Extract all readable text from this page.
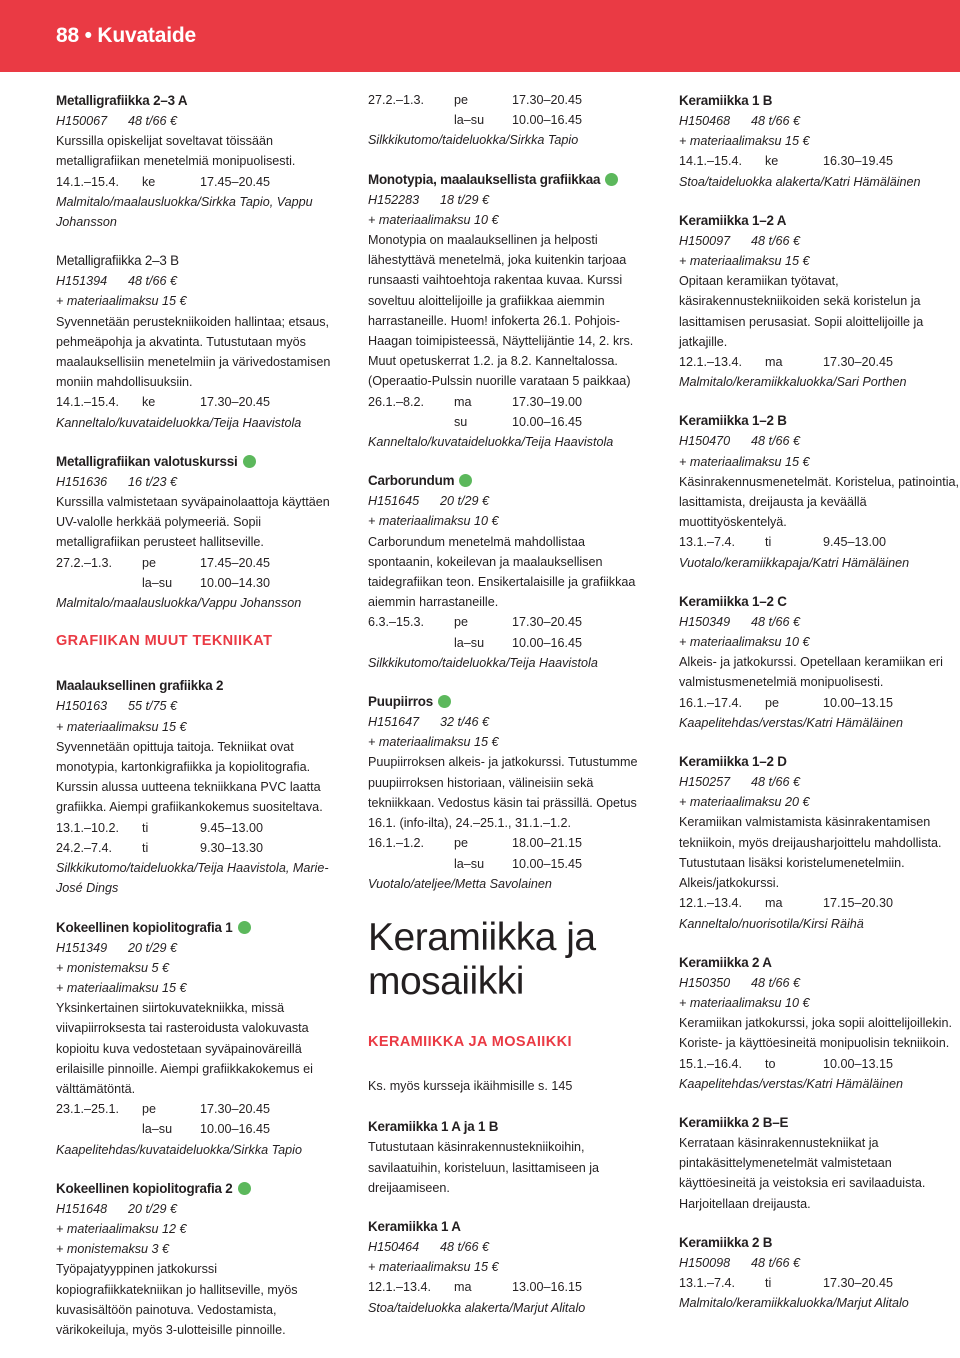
88 • Kuvataide
Metalligrafiikka 2–3 A
H150067	48 t/66 €

Kurssilla opiskelijat soveltavat töissään metalligrafiikan menetelmiä monipuolisesti.

14.1.–15.4.	ke	17.45–20.45
Malmitalo/maalausluokka/Sirkka Tapio, Vappu Johansson
Metalligrafiikka 2–3 B
H151394	48 t/66 €
+ materiaalimaksu 15 €

Syvennetään perustekniikoiden hallintaa; etsaus, pehmeäpohja ja akvatinta. Tutustutaan myös maalauksellisiin menetelmiin ja värivedostamisen moniin mahdollisuuksiin.

14.1.–15.4.	ke	17.30–20.45
Kanneltalo/kuvataideluokka/Teija Haavistola
Metalligrafiikan valotuskurssi
H151636	16 t/23 €

Kurssilla valmistetaan syväpainolaattoja käyttäen UV-valolle herkkää polymeeriä. Sopii metalligrafiikan perusteet hallitseville.

27.2.–1.3.	pe	17.45–20.45
la–su	10.00–14.30
Malmitalo/maalausluokka/Vappu Johansson
GRAFIIKAN MUUT TEKNIIKAT
Maalauksellinen grafiikka 2
H150163	55 t/75 €
+ materiaalimaksu 15 €

Syvennetään opittuja taitoja. Tekniikat ovat monotypia, kartonkigrafiikka ja kopiolitografia. Kurssin alussa uutteena tekniikkana PVC laatta grafiikka. Aiempi grafiikankokemus suositeltava.

13.1.–10.2.	ti	9.45–13.00
24.2.–7.4.	ti	9.30–13.30
Silkkikutomo/taideluokka/Teija Haavistola, Marie-José Dings
Kokeellinen kopiolitografia 1
H151349	20 t/29 €
+ monistemaksu 5 €
+ materiaalimaksu 15 €

Yksinkertainen siirtokuvatekniikka, missä viivapiirroksesta tai rasteroidusta valokuvasta kopioitu kuva vedostetaan syväpainoväreillä erilaisille pinnoille. Aiempi grafiikkakokemus ei välttämätöntä.

23.1.–25.1.	pe	17.30–20.45
la–su	10.00–16.45
Kaapelitehdas/kuvataideluokka/Sirkka Tapio
Kokeellinen kopiolitografia 2
H151648	20 t/29 €
+ materiaalimaksu 12 €
+ monistemaksu 3 €

Työpajatyyppinen jatkokurssi kopiografiikkatekniikan jo hallitseville, myös kuvasisältöön painotuva. Vedostamista, värikokeiluja, myös 3-ulotteisille pinnoille.

27.2.–1.3.	pe	17.30–20.45
la–su	10.00–16.45
Silkkikutomo/taideluokka/Sirkka Tapio
Monotypia, maalauksellista grafiikkaa
H152283	18 t/29 €
+ materiaalimaksu 10 €

Monotypia on maalauksellinen ja helposti lähestyttävä menetelmä, joka kuitenkin tarjoaa runsaasti vaihtoehtoja rakentaa kuvaa. Kurssi soveltuu aloittelijoille ja grafiikkaa aiemmin harrastaneille. Huom! infokerta 26.1. Pohjois-Haagan toimipisteessä, Näyttelijäntie 14, 2. krs. Muut opetuskerrat 1.2. ja 8.2. Kanneltalossa. (Operaatio-Pulssin nuorille varataan 5 paikkaa)

26.1.–8.2.	ma	17.30–19.00
su	10.00–16.45
Kanneltalo/kuvataideluokka/Teija Haavistola
Carborundum
H151645	20 t/29 €
+ materiaalimaksu 10 €

Carborundum menetelmä mahdollistaa spontaanin, kokeilevan ja maalauksellisen taidegrafiikan teon. Ensikertalaisille ja grafiikkaa aiemmin harrastaneille.

6.3.–15.3.	pe	17.30–20.45
la–su	10.00–16.45
Silkkikutomo/taideluokka/Teija Haavistola
Puupiirros
H151647	32 t/46 €
+ materiaalimaksu 15 €

Puupiirroksen alkeis- ja jatkokurssi. Tutustumme puupiirroksen historiaan, välineisiin sekä tekniikkaan. Vedostus käsin tai prässillä. Opetus 16.1. (info-ilta), 24.–25.1., 31.1.–1.2.

16.1.–1.2.	pe	18.00–21.15
la–su	10.00–15.45
Vuotalo/ateljee/Metta Savolainen
Keramiikka ja mosaiikki
KERAMIIKKA JA MOSAIIKKI
Ks. myös kursseja ikäihmisille s. 145
Keramiikka 1 A ja 1 B

Tutustutaan käsinrakennustekniikoihin, savilaatuihin, koristeluun, lasittamiseen ja dreijaamiseen.

Keramiikka 1 A
H150464	48 t/66 €
+ materiaalimaksu 15 €
12.1.–13.4.	ma	13.00–16.15
Stoa/taideluokka alakerta/Marjut Alitalo
Keramiikka 1 B
H150468	48 t/66 €
+ materiaalimaksu 15 €
14.1.–15.4.	ke	16.30–19.45
Stoa/taideluokka alakerta/Katri Hämäläinen
Keramiikka 1–2 A
H150097	48 t/66 €
+ materiaalimaksu 15 €

Opitaan keramiikan työtavat, käsirakennustekniikoiden sekä koristelun ja lasittamisen perusasiat. Sopii aloittelijoille ja jatkajille.

12.1.–13.4.	ma	17.30–20.45
Malmitalo/keramiikkaluokka/Sari Porthen
Keramiikka 1–2 B
H150470	48 t/66 €
+ materiaalimaksu 15 €

Käsinrakennusmenetelmät. Koristelua, patinointia, lasittamista, dreijausta ja keväällä muottityöskentelyä.

13.1.–7.4.	ti	9.45–13.00
Vuotalo/keramiikkapaja/Katri Hämäläinen
Keramiikka 1–2 C
H150349	48 t/66 €
+ materiaalimaksu 10 €

Alkeis- ja jatkokurssi. Opetellaan keramiikan eri valmistusmenetelmiä monipuolisesti.

16.1.–17.4.	pe	10.00–13.15
Kaapelitehdas/verstas/Katri Hämäläinen
Keramiikka 1–2 D
H150257	48 t/66 €
+ materiaalimaksu 20 €

Keramiikan valmistamista käsinrakentamisen tekniikoin, myös dreijausharjoittelu mahdollista. Tutustutaan lisäksi koristelumenetelmiin. Alkeis/jatkokurssi.

12.1.–13.4.	ma	17.15–20.30
Kanneltalo/nuorisotila/Kirsi Räihä
Keramiikka 2 A
H150350	48 t/66 €
+ materiaalimaksu 10 €

Keramiikan jatkokurssi, joka sopii aloittelijoillekin. Koriste- ja käyttöesineitä monipuolisin tekniikoin.

15.1.–16.4.	to	10.00–13.15
Kaapelitehdas/verstas/Katri Hämäläinen
Keramiikka 2 B–E

Kerrataan käsinrakennustekniikat ja pintakäsittelymenetelmät valmistetaan käyttöesineitä ja veistoksia eri savilaaduista. Harjoitellaan dreijausta.

Keramiikka 2 B
H150098	48 t/66 €
13.1.–7.4.	ti	17.30–20.45
Malmitalo/keramiikkaluokka/Marjut Alitalo
